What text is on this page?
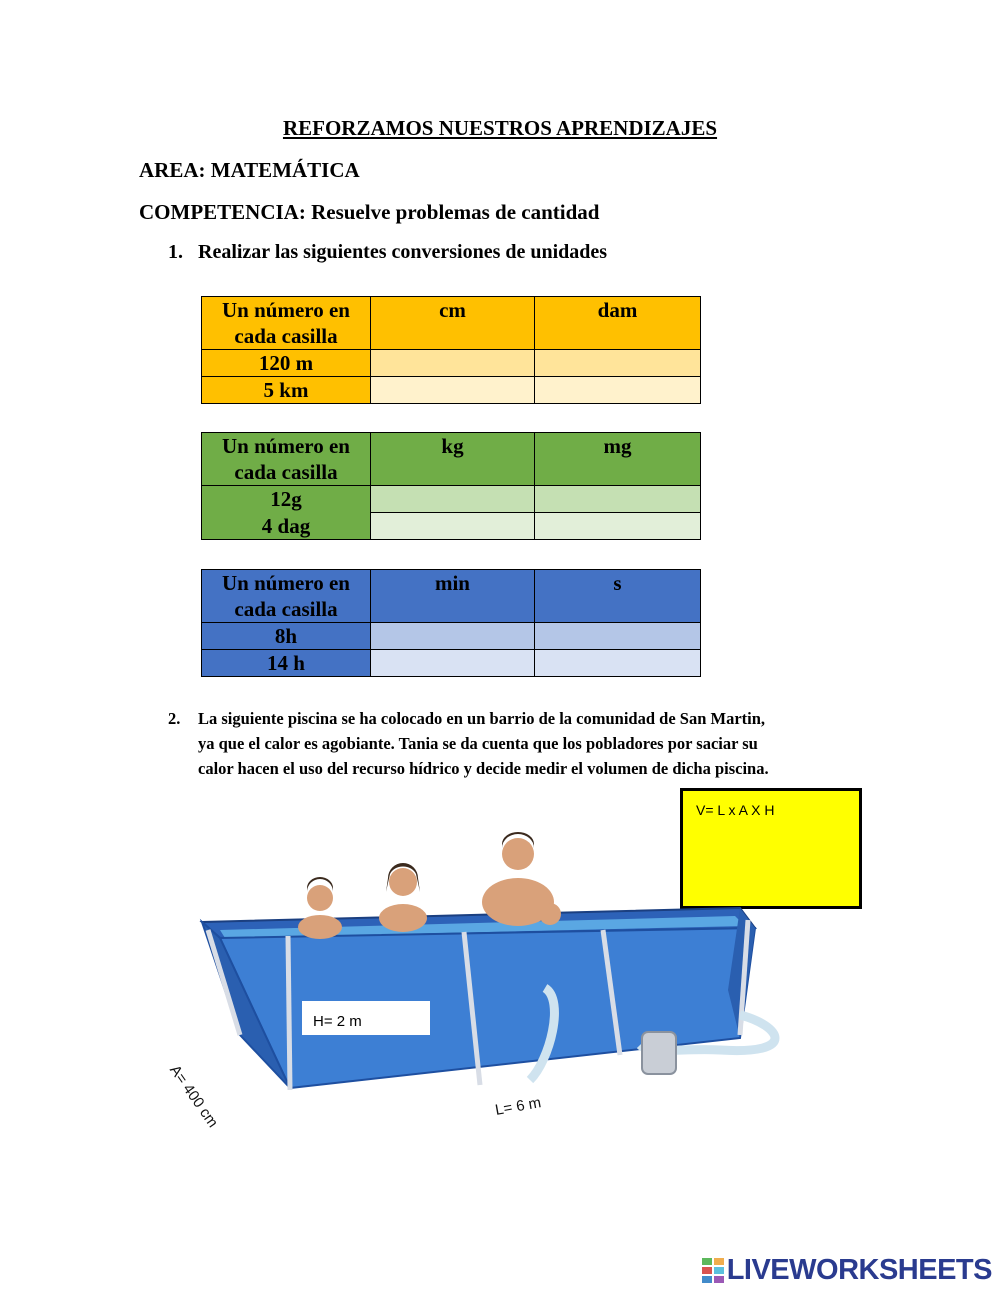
REFORZAMOS NUESTROS APRENDIZAJES
AREA: MATEMÁTICA
COMPETENCIA: Resuelve problemas de cantidad
1. Realizar las siguientes conversiones de unidades
Un número en cada casilla	cm	dam
120 m		
5 km		
Un número en cada casilla	kg	mg
12g		
4 dag		
Un número en cada casilla	min	s
8h		
14 h		
2. La siguiente piscina se ha colocado en un barrio de la comunidad de San Martin,
ya que el calor es agobiante. Tania se da cuenta que los pobladores por saciar su
calor hacen el uso del recurso hídrico y decide medir el volumen de dicha piscina.
V= L x A X H
H= 2 m
A= 400 cm	L= 6 m
LIVEWORKSHEETS
